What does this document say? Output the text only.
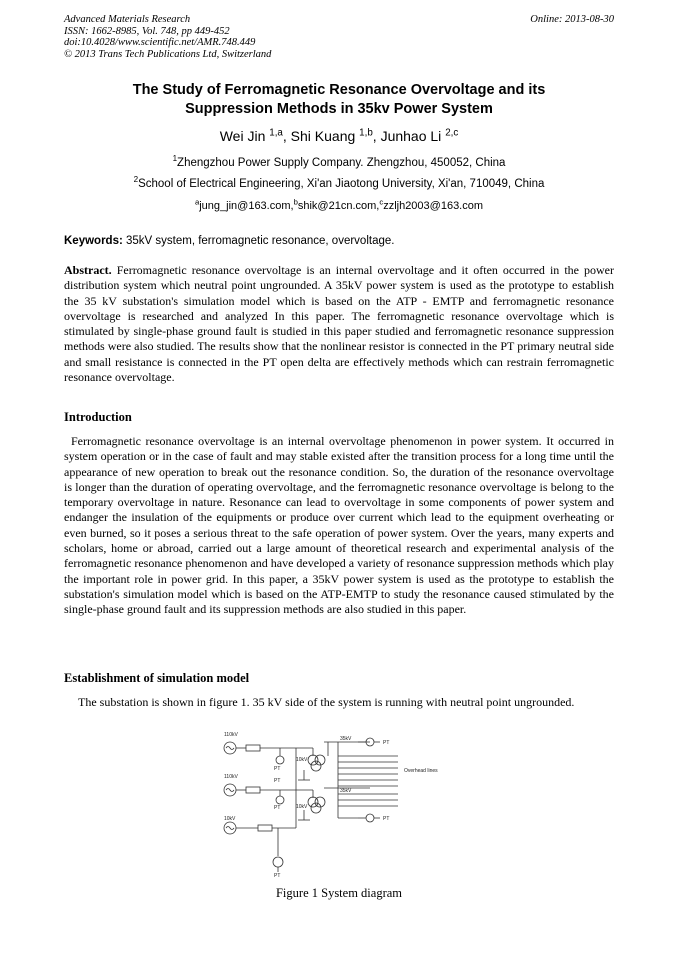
Advanced Materials Research
ISSN: 1662-8985, Vol. 748, pp 449-452
doi:10.4028/www.scientific.net/AMR.748.449
© 2013 Trans Tech Publications Ltd, Switzerland
Online: 2013-08-30
The Study of Ferromagnetic Resonance Overvoltage and its
Suppression Methods in 35kv Power System
Wei Jin $^{1,a}$, Shi Kuang $^{1,b}$, Junhao Li $^{2,c}$
$^1$Zhengzhou Power Supply Company. Zhengzhou, 450052, China
$^2$School of Electrical Engineering, Xi'an Jiaotong University, Xi'an, 710049, China
$^a$jung_jin@163.com,$^b$shik@21cn.com,$^c$zzljh2003@163.com
Keywords: 35kV system, ferromagnetic resonance, overvoltage.
Abstract. Ferromagnetic resonance overvoltage is an internal overvoltage and it often occurred in the power distribution system which neutral point ungrounded. A 35kV power system is used as the prototype to establish the 35 kV substation's simulation model which is based on the ATP - EMTP and ferromagnetic resonance overvoltage is researched and analyzed In this paper. The ferromagnetic resonance overvoltage which is stimulated by single-phase ground fault is studied in this paper studied and ferromagnetic resonance suppression methods were also studied. The results show that the nonlinear resistor is connected in the PT primary neutral side and small resistance is connected in the PT open delta are effectively methods which can restrain ferromagnetic resonance overvoltage.
Introduction
Ferromagnetic resonance overvoltage is an internal overvoltage phenomenon in power system. It occurred in system operation or in the case of fault and may stable existed after the transition process for a long time until the appearance of new operation to break out the resonance condition. So, the duration of the resonance overvoltage is longer than the duration of operating overvoltage, and the ferromagnetic resonance overvoltage is belong to the temporary overvoltage in nature. Resonance can lead to overvoltage in some components of power system and endanger the insulation of the equipments or produce over current which lead to the equipment overheating or even burned, so it poses a serious threat to the safe operation of power system. Over the years, many experts and scholars, home or abroad, carried out a large amount of theoretical research and experimental analysis of the ferromagnetic resonance phenomenon and have developed a variety of resonance suppression methods which play the important role in power grid. In this paper, a 35kV power system is used as the prototype to establish the substation's simulation model which is based on the ATP-EMTP to study the resonance caused stimulated by the single-phase ground fault and its suppression methods are also studied in this paper.
Establishment of simulation model
The substation is shown in figure 1. 35 kV side of the system is running with neutral point ungrounded.
110kV
110kV
10kV
10kV
10kV
35kV
35kV
PT
PT
PT
PT
PT
PT
Overhead lines
Figure 1 System diagram
